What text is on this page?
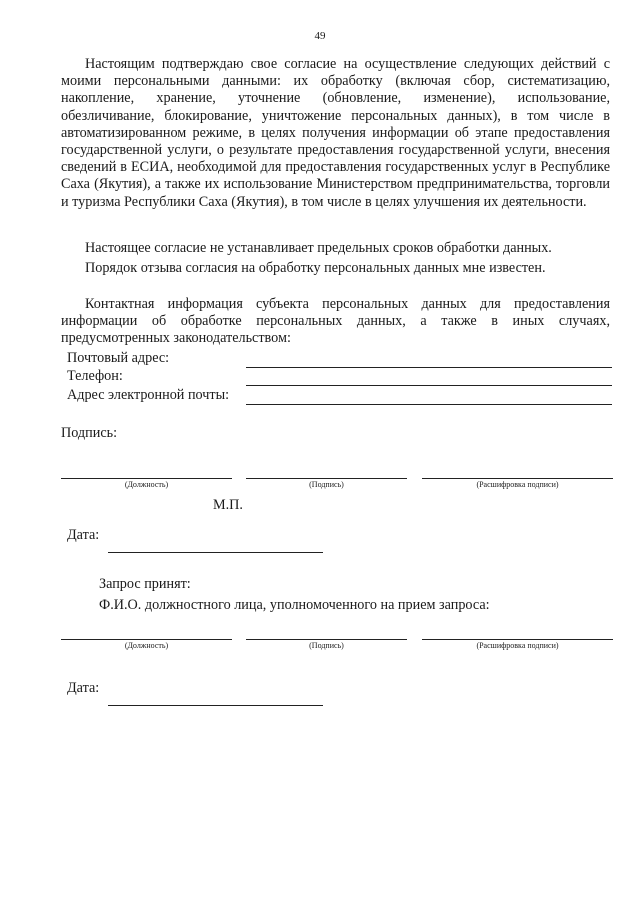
49

Настоящим подтверждаю свое согласие на осуществление следующих действий с моими персональными данными: их обработку (включая сбор, систематизацию, накопление, хранение, уточнение (обновление, изменение), использование, обезличивание, блокирование, уничтожение персональных данных), в том числе в автоматизированном режиме, в целях получения информации об этапе предоставления государственной услуги, о результате предоставления государственной услуги, внесения сведений в ЕСИА, необходимой для предоставления государственных услуг в Республике Саха (Якутия), а также их использование Министерством предпринимательства, торговли и туризма Республики Саха (Якутия), в том числе в целях улучшения их деятельности.

Настоящее согласие не устанавливает предельных сроков обработки данных.

Порядок отзыва согласия на обработку персональных данных мне известен.

Контактная информация субъекта персональных данных для предоставления информации об обработке персональных данных, а также в иных случаях, предусмотренных законодательством:

Почтовый адрес:
Телефон:
Адрес электронной почты:
Подпись:
(Должность)	(Подпись)	(Расшифровка подписи)
М.П.
Дата:
Запрос принят:
Ф.И.О. должностного лица, уполномоченного на прием запроса:
(Должность)	(Подпись)	(Расшифровка подписи)
Дата:
